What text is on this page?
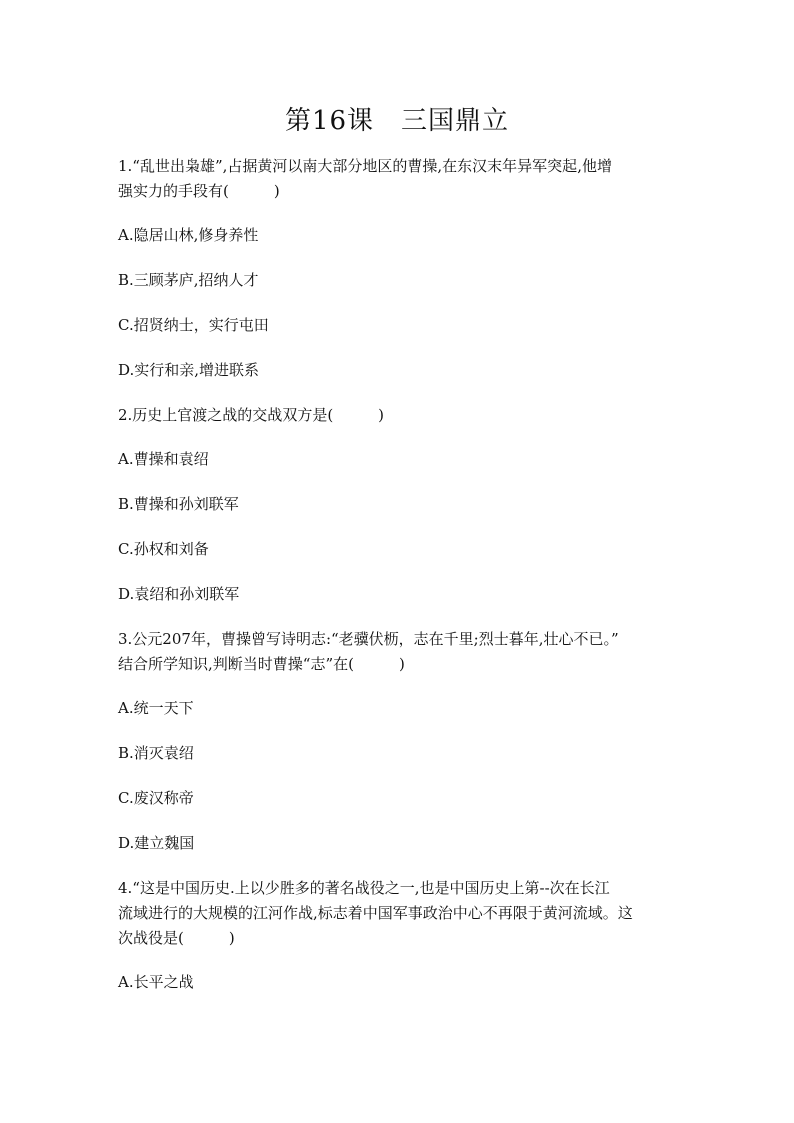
第16课　三国鼎立
1.“乱世出枭雄”,占据黄河以南大部分地区的曹操,在东汉末年异军突起,他增
强实力的手段有(　　　)
A.隐居山林,修身养性
B.三顾茅庐,招纳人才
C.招贤纳士，实行屯田
D.实行和亲,增进联系
2.历史上官渡之战的交战双方是(　　　)
A.曹操和袁绍
B.曹操和孙刘联军
C.孙权和刘备
D.袁绍和孙刘联军
3.公元207年，曹操曾写诗明志:“老骥伏枥，志在千里;烈士暮年,壮心不已。”
结合所学知识,判断当时曹操“志”在(　　　)
A.统一天下
B.消灭袁绍
C.废汉称帝
D.建立魏国
4.“这是中国历史.上以少胜多的著名战役之一,也是中国历史上第--次在长江
流域进行的大规模的江河作战,标志着中国军事政治中心不再限于黄河流域。这
次战役是(　　　)
A.长平之战
